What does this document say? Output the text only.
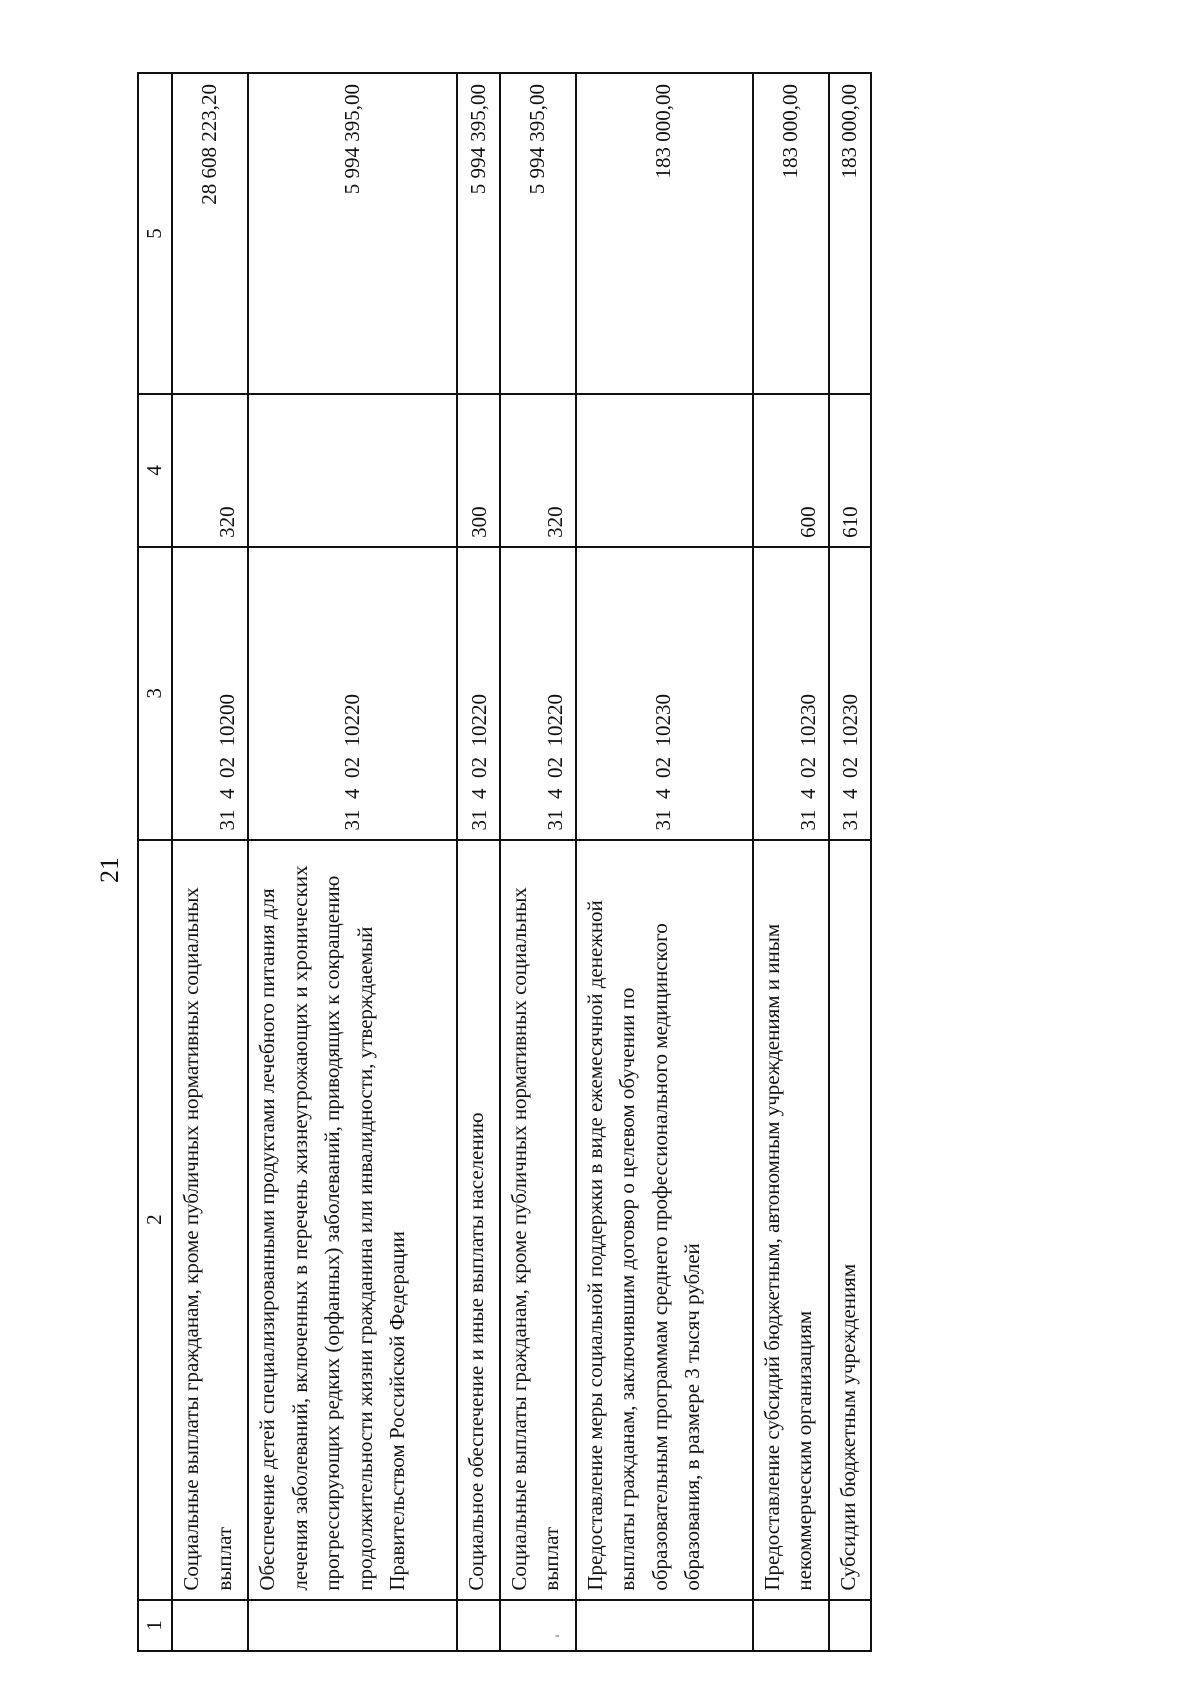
21
-
1	2	3	4	5
	Социальные выплаты гражданам, кроме публичных нормативных социальных выплат	31  4  02  10200	320	28 608 223,20
	Обеспечение детей специализированными продуктами лечебного питания для лечения заболеваний, включенных в перечень жизнеугрожающих и хронических прогрессирующих редких (орфанных) заболеваний, приводящих к сокращению продолжительности жизни гражданина или инвалидности, утверждаемый Правительством Российской Федерации	31  4  02  10220		5 994 395,00
	Социальное обеспечение и иные выплаты населению	31  4  02  10220	300	5 994 395,00
	Социальные выплаты гражданам, кроме публичных нормативных социальных выплат	31  4  02  10220	320	5 994 395,00
	Предоставление меры социальной поддержки в виде ежемесячной денежной выплаты гражданам, заключившим договор о целевом обучении по образовательным программам среднего профессионального медицинского образования, в размере 3 тысяч рублей	31  4  02  10230		183 000,00
	Предоставление субсидий бюджетным, автономным учреждениям и иным некоммерческим организациям	31  4  02  10230	600	183 000,00
	Субсидии бюджетным учреждениям	31  4  02  10230	610	183 000,00
